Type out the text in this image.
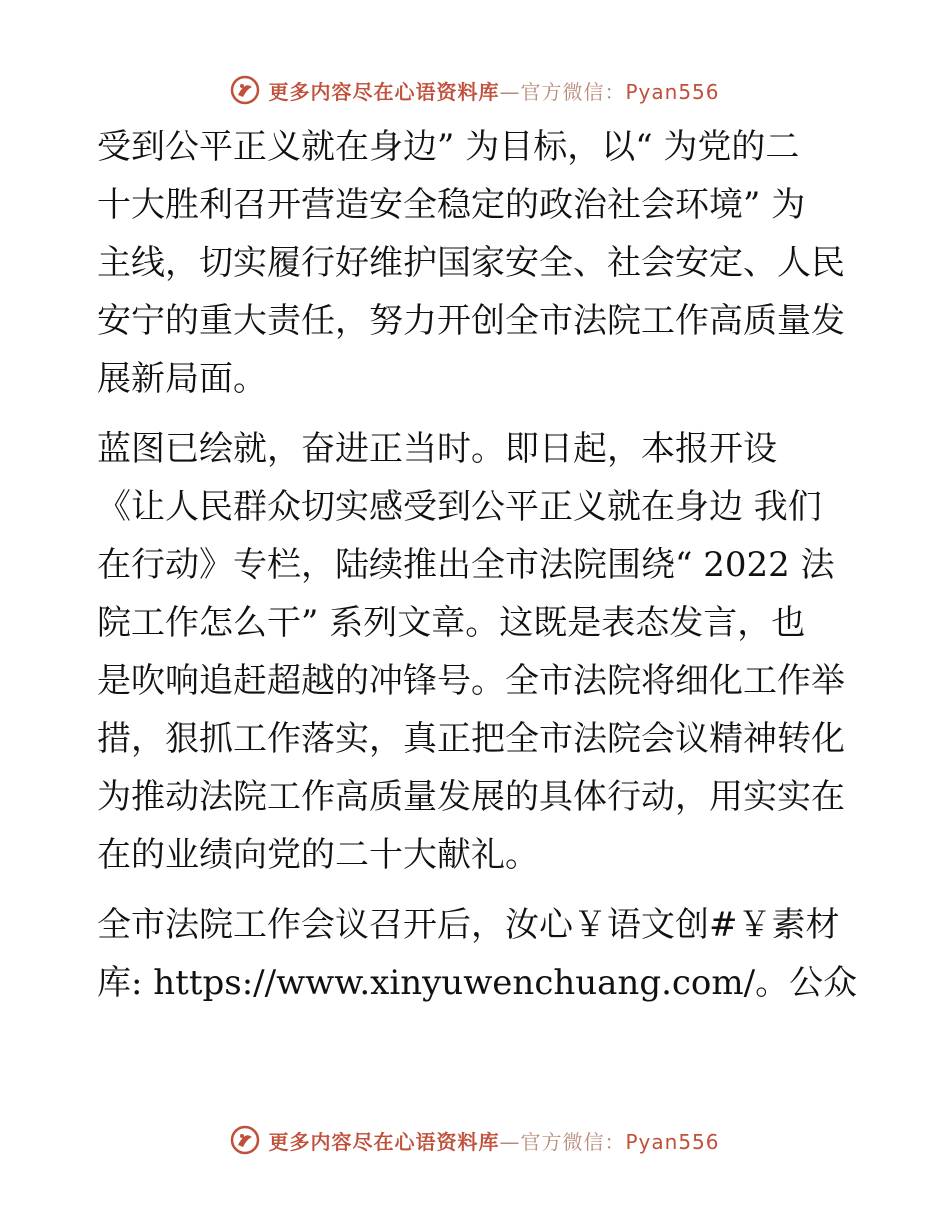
更多内容尽在心语资料库—官方微信：Pyan556
受到公平正义就在身边” 为目标，以“ 为党的二
十大胜利召开营造安全稳定的政治社会环境” 为
主线，切实履行好维护国家安全、社会安定、人民
安宁的重大责任，努力开创全市法院工作高质量发
展新局面。
蓝图已绘就，奋进正当时。即日起，本报开设
《让人民群众切实感受到公平正义就在身边 我们
在行动》专栏，陆续推出全市法院围绕“ 2022 法
院工作怎么干” 系列文章。这既是表态发言，也
是吹响追赶超越的冲锋号。全市法院将细化工作举
措，狠抓工作落实，真正把全市法院会议精神转化
为推动法院工作高质量发展的具体行动，用实实在
在的业绩向党的二十大献礼。
全市法院工作会议召开后，汝心￥语文创#￥素材
库: https://www.xinyuwenchuang.com/。公众
更多内容尽在心语资料库—官方微信：Pyan556
